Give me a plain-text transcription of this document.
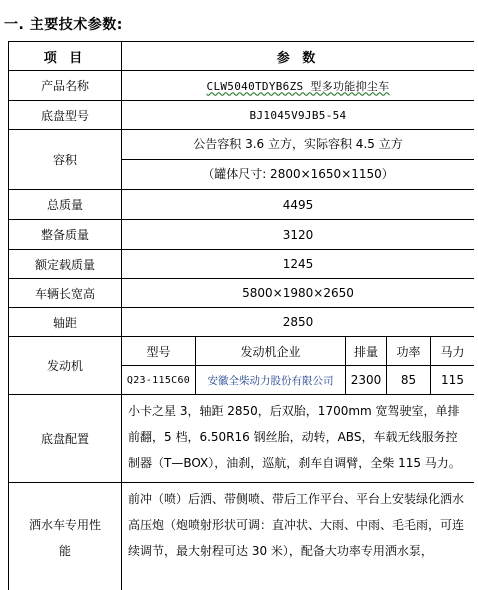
一. 主要技术参数:
项 目	参 数				
产品名称	CLW5040TDYB6ZS 型多功能抑尘车				
底盘型号	BJ1045V9JB5-54				
容积	公告容积 3.6 立方，实际容积 4.5 立方
（罐体尺寸: 2800×1650×1150）				

总质量	4495				
整备质量	3120				
额定载质量	1245				
车辆长宽高	5800×1980×2650				
轴距	2850				
发动机	型号	发动机企业	排量	功率	马力
	Q23-115C60	安徽全柴动力股份有限公司	2300	85	115
底盘配置	小卡之星 3，轴距 2850，后双胎，1700mm 宽驾驶室，单排前翻，5 档，6.50R16 钢丝胎，动转，ABS，车载无线服务控制器（T—BOX），油刹，巡航，刹车自调臂，全柴 115 马力。				

洒水车专用性
能	前冲（喷）后洒、带侧喷、带后工作平台、平台上安装绿化洒水高压炮（炮喷射形状可调：直冲状、大雨、中雨、毛毛雨，可连续调节，最大射程可达 30 米），配备大功率专用洒水泵，				
